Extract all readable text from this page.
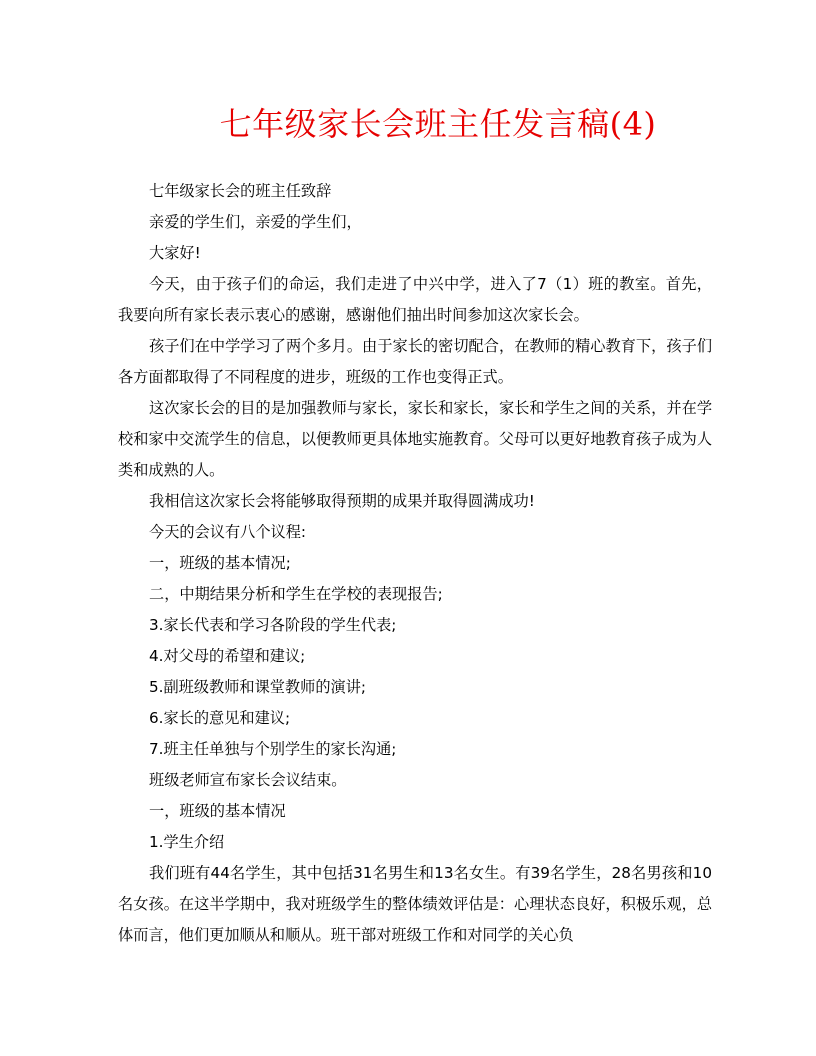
七年级家长会班主任发言稿(4)

七年级家长会的班主任致辞

亲爱的学生们，亲爱的学生们，

大家好!

今天，由于孩子们的命运，我们走进了中兴中学，进入了7（1）班的教室。首先，我要向所有家长表示衷心的感谢，感谢他们抽出时间参加这次家长会。

孩子们在中学学习了两个多月。由于家长的密切配合，在教师的精心教育下，孩子们各方面都取得了不同程度的进步，班级的工作也变得正式。

这次家长会的目的是加强教师与家长，家长和家长，家长和学生之间的关系，并在学校和家中交流学生的信息，以便教师更具体地实施教育。父母可以更好地教育孩子成为人类和成熟的人。

我相信这次家长会将能够取得预期的成果并取得圆满成功!

今天的会议有八个议程:

一，班级的基本情况;

二，中期结果分析和学生在学校的表现报告;

3.家长代表和学习各阶段的学生代表;

4.对父母的希望和建议;

5.副班级教师和课堂教师的演讲;

6.家长的意见和建议;

7.班主任单独与个别学生的家长沟通;

班级老师宣布家长会议结束。

一，班级的基本情况

1.学生介绍

我们班有44名学生，其中包括31名男生和13名女生。有39名学生，28名男孩和10名女孩。在这半学期中，我对班级学生的整体绩效评估是：心理状态良好，积极乐观，总体而言，他们更加顺从和顺从。班干部对班级工作和对同学的关心负
